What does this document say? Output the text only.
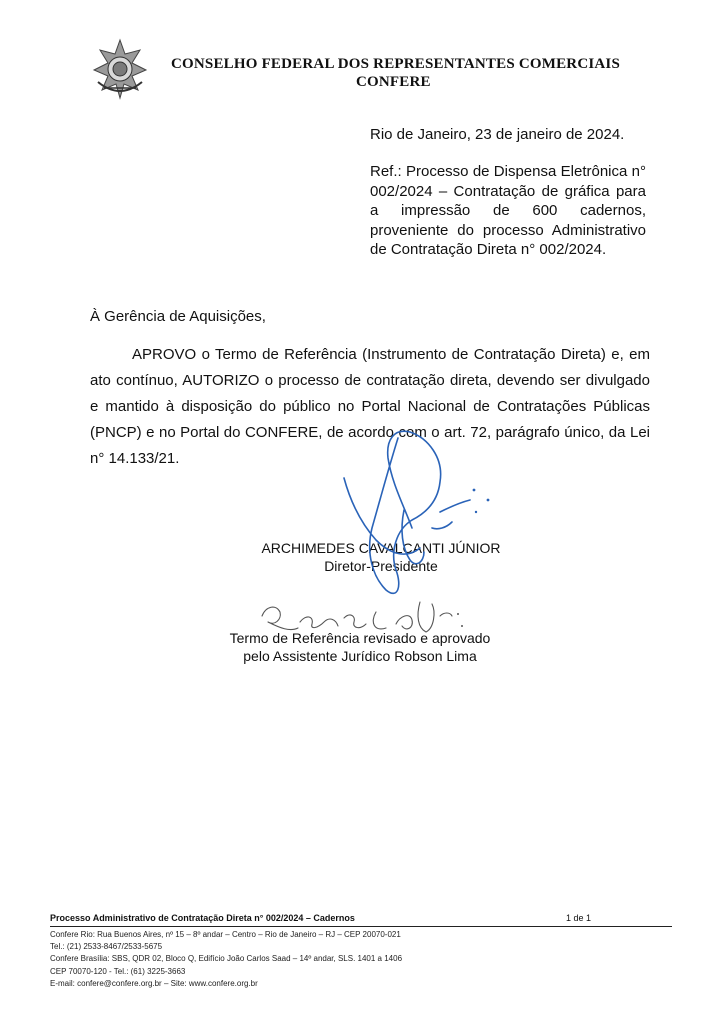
CONSELHO FEDERAL DOS REPRESENTANTES COMERCIAIS
CONFERE
Rio de Janeiro, 23 de janeiro de 2024.
Ref.: Processo de Dispensa Eletrônica n° 002/2024 – Contratação de gráfica para a impressão de 600 cadernos, proveniente do processo Administrativo de Contratação Direta n° 002/2024.
À Gerência de Aquisições,

APROVO o Termo de Referência (Instrumento de Contratação Direta) e, em ato contínuo, AUTORIZO o processo de contratação direta, devendo ser divulgado e mantido à disposição do público no Portal Nacional de Contratações Públicas (PNCP) e no Portal do CONFERE, de acordo com o art. 72, parágrafo único, da Lei n° 14.133/21.

ARCHIMEDES CAVALCANTI JÚNIOR
Diretor-Presidente
Termo de Referência revisado e aprovado
pelo Assistente Jurídico Robson Lima
Processo Administrativo de Contratação Direta n° 002/2024 – Cadernos	1 de 1
Confere Rio: Rua Buenos Aires, nº 15 – 8º andar – Centro – Rio de Janeiro – RJ – CEP 20070-021
Tel.: (21) 2533-8467/2533-5675
Confere Brasília: SBS, QDR 02, Bloco Q, Edifício João Carlos Saad – 14º andar, SLS. 1401 a 1406
CEP 70070-120 - Tel.: (61) 3225-3663
E-mail: confere@confere.org.br – Site: www.confere.org.br
